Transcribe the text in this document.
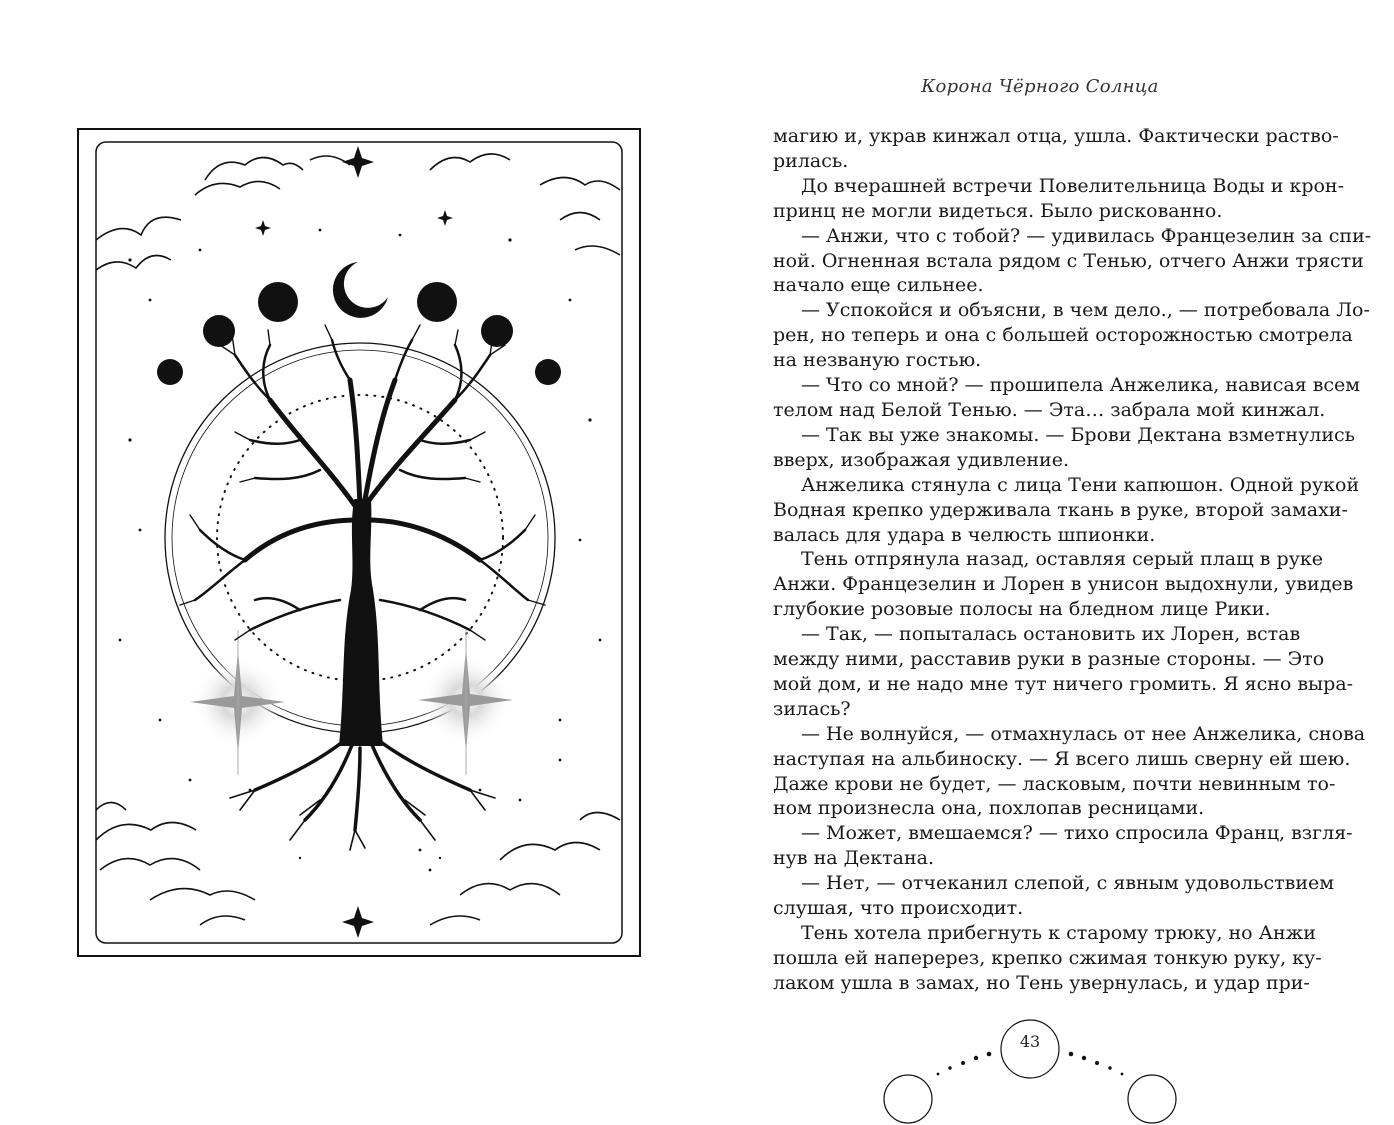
Корона Чёрного Солнца
магию и, украв кинжал отца, ушла. Фактически раство-
рилась.
До вчерашней встречи Повелительница Воды и крон-
принц не могли видеться. Было рискованно.
— Анжи, что с тобой? — удивилась Францезелин за спи-
ной. Огненная встала рядом с Тенью, отчего Анжи трясти
начало еще сильнее.
— Успокойся и объясни, в чем дело., — потребовала Ло-
рен, но теперь и она с большей осторожностью смотрела
на незваную гостью.
— Что со мной? — прошипела Анжелика, нависая всем
телом над Белой Тенью. — Эта… забрала мой кинжал.
— Так вы уже знакомы. — Брови Дектана взметнулись
вверх, изображая удивление.
Анжелика стянула с лица Тени капюшон. Одной рукой
Водная крепко удерживала ткань в руке, второй замахи-
валась для удара в челюсть шпионки.
Тень отпрянула назад, оставляя серый плащ в руке
Анжи. Францезелин и Лорен в унисон выдохнули, увидев
глубокие розовые полосы на бледном лице Рики.
— Так, — попыталась остановить их Лорен, встав
между ними, расставив руки в разные стороны. — Это
мой дом, и не надо мне тут ничего громить. Я ясно выра-
зилась?
— Не волнуйся, — отмахнулась от нее Анжелика, снова
наступая на альбиноску. — Я всего лишь сверну ей шею.
Даже крови не будет, — ласковым, почти невинным то-
ном произнесла она, похлопав ресницами.
— Может, вмешаемся? — тихо спросила Франц, взгля-
нув на Дектана.
— Нет, — отчеканил слепой, с явным удовольствием
слушая, что происходит.
Тень хотела прибегнуть к старому трюку, но Анжи
пошла ей наперерез, крепко сжимая тонкую руку, ку-
лаком ушла в замах, но Тень увернулась, и удар при-
43
